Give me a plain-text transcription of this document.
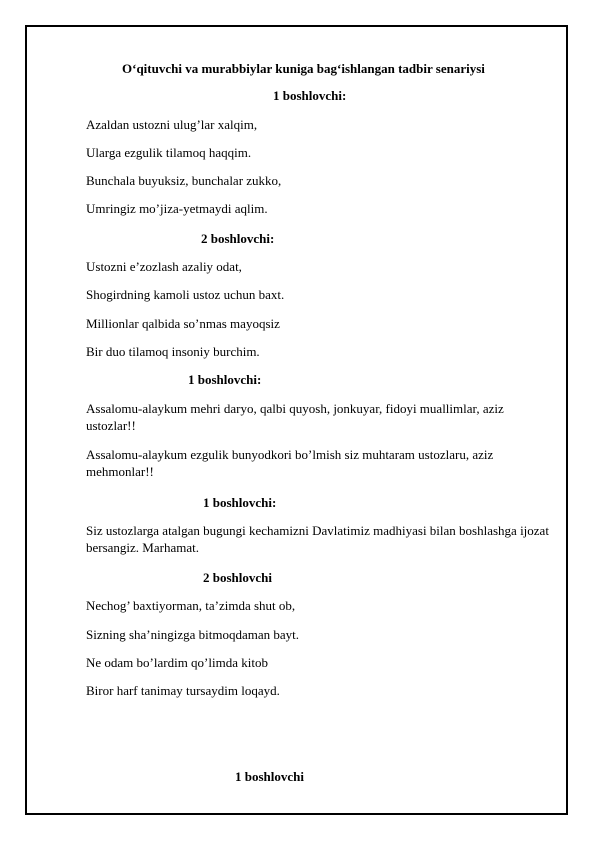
O‘qituvchi va murabbiylar kuniga bag‘ishlangan tadbir senariysi
1 boshlovchi:
Azaldan ustozni ulug’lar xalqim,
Ularga ezgulik tilamoq haqqim.
Bunchala buyuksiz, bunchalar zukko,
Umringiz mo’jiza-yetmaydi aqlim.
2 boshlovchi:
Ustozni e’zozlash azaliy odat,
Shogirdning kamoli ustoz uchun baxt.
Millionlar qalbida so’nmas mayoqsiz
Bir duo tilamoq insoniy burchim.
1 boshlovchi:
Assalomu-alaykum mehri daryo, qalbi quyosh, jonkuyar, fidoyi muallimlar, aziz ustozlar!!
Assalomu-alaykum ezgulik bunyodkori bo’lmish siz muhtaram ustozlaru, aziz mehmonlar!!
1 boshlovchi:
Siz ustozlarga atalgan bugungi kechamizni Davlatimiz madhiyasi bilan boshlashga ijozat bersangiz. Marhamat.
2 boshlovchi
Nechog’ baxtiyorman, ta’zimda shut ob,
Sizning sha’ningizga bitmoqdaman bayt.
Ne odam bo’lardim qo’limda kitob
Biror harf tanimay tursaydim loqayd.
1 boshlovchi
